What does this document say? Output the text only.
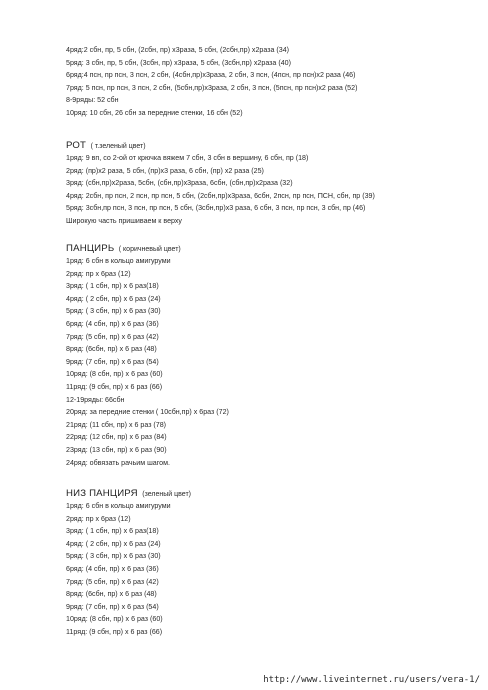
4ряд:2 сбн, пр, 5 сбн, (2сбн, пр) х3раза, 5 сбн, (2сбн,пр) х2раза (34)
5ряд: 3 сбн, пр, 5 сбн, (3сбн, пр) х3раза, 5 сбн, (3сбн,пр) х2раза (40)
6ряд:4 псн, пр псн, 3 псн, 2 сбн, (4сбн,пр)х3раза, 2 сбн, 3 псн, (4псн, пр псн)х2 раза (46)
7ряд: 5 псн, пр псн, 3 псн, 2 сбн, (5сбн,пр)х3раза, 2 сбн, 3 псн, (5псн, пр псн)х2 раза (52)
8-9ряды: 52 сбн
10ряд: 10 сбн, 26 сбн за передние стенки, 16 сбн (52)
РОТ ( т.зеленый цвет)
1ряд: 9 вп, со 2-ой от крючка вяжем 7 сбн, 3 сбн в вершину, 6 сбн, пр (18)
2ряд: (пр)х2 раза, 5 сбн, (пр)х3 раза, 6 сбн, (пр) х2 раза (25)
3ряд: (сбн,пр)х2раза, 5сбн, (сбн,пр)х3раза, 6сбн, (сбн,пр)х2раза (32)
4ряд: 2сбн, пр псн, 2 псн, пр псн, 5 сбн, (2сбн,пр)х3раза, 6сбн, 2псн, пр псн, ПСН, сбн, пр (39)
5ряд: 3сбн,пр псн, 3 псн, пр псн, 5 сбн, (3сбн,пр)х3 раза, 6 сбн, 3 псн, пр псн, 3 сбн, пр (46)
Широкую часть пришиваем к верху
ПАНЦИРЬ ( коричневый цвет)
1ряд: 6 сбн в кольцо амигуруми
2ряд: пр х 6раз (12)
3ряд: ( 1 сбн, пр) х 6 раз(18)
4ряд: ( 2 сбн, пр) х 6 раз (24)
5ряд: ( 3 сбн, пр) х 6 раз (30)
6ряд: (4 сбн, пр) х 6 раз (36)
7ряд: (5 сбн, пр) х 6 раз (42)
8ряд: (6сбн, пр) х 6 раз (48)
9ряд: (7 сбн, пр) х 6 раз (54)
10ряд: (8 сбн, пр) х 6 раз (60)
11ряд: (9 сбн, пр) х 6 раз (66)
12-19ряды: 66сбн
20ряд: за передние стенки ( 10сбн,пр) х 6раз (72)
21ряд: (11 сбн, пр) х 6 раз (78)
22ряд: (12 сбн, пр) х 6 раз (84)
23ряд: (13 сбн, пр) х 6 раз (90)
24ряд: обвязать рачьим шагом.
НИЗ ПАНЦИРЯ (зеленый цвет)
1ряд: 6 сбн в кольцо амигуруми
2ряд: пр х 6раз (12)
3ряд: ( 1 сбн, пр) х 6 раз(18)
4ряд: ( 2 сбн, пр) х 6 раз (24)
5ряд: ( 3 сбн, пр) х 6 раз (30)
6ряд: (4 сбн, пр) х 6 раз (36)
7ряд: (5 сбн, пр) х 6 раз (42)
8ряд: (6сбн, пр) х 6 раз (48)
9ряд: (7 сбн, пр) х 6 раз (54)
10ряд: (8 сбн, пр) х 6 раз (60)
11ряд: (9 сбн, пр) х 6 раз (66)
http://www.liveinternet.ru/users/vera-1/
